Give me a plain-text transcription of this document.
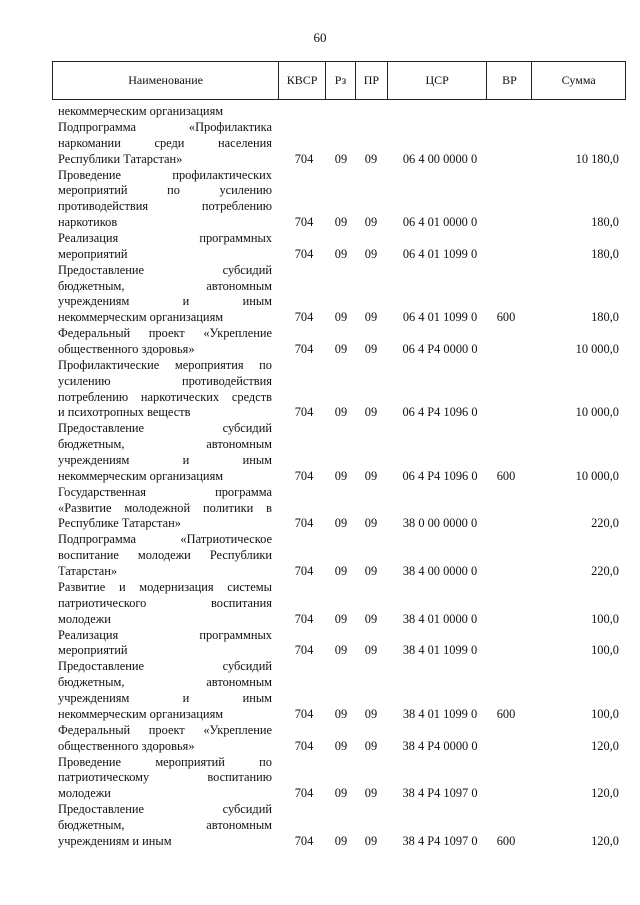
60
Наименование	КВСР	Рз	ПР	ЦСР	ВР	Сумма
некоммерческим организациям
Подпрограмма	«Профилактика
наркомании	среди	населения
Республики Татарстан»	704	09	09	06 4 00 0000 0	10 180,0
Проведение	профилактических
мероприятий	по	усилению
противодействия	потреблению
наркотиков	704	09	09	06 4 01 0000 0	180,0
Реализация	программных
мероприятий	704	09	09	06 4 01 1099 0	180,0
Предоставление	субсидий
бюджетным,	автономным
учреждениям	и	иным
некоммерческим организациям	704	09	09	06 4 01 1099 0	600	180,0
Федеральный проект «Укрепление
общественного здоровья»	704	09	09	06 4 P4 0000 0	10 000,0
Профилактические мероприятия по
усилению	противодействия
потреблению наркотических средств
и психотропных веществ	704	09	09	06 4 P4 1096 0	10 000,0
Предоставление	субсидий
бюджетным,	автономным
учреждениям	и	иным
некоммерческим организациям	704	09	09	06 4 P4 1096 0	600	10 000,0
Государственная	программа
«Развитие молодежной политики в
Республике Татарстан»	704	09	09	38 0 00 0000 0	220,0
Подпрограмма	«Патриотическое
воспитание молодежи Республики
Татарстан»	704	09	09	38 4 00 0000 0	220,0
Развитие и модернизация системы
патриотического	воспитания
молодежи	704	09	09	38 4 01 0000 0	100,0
Реализация	программных
мероприятий	704	09	09	38 4 01 1099 0	100,0
Предоставление	субсидий
бюджетным,	автономным
учреждениям	и	иным
некоммерческим организациям	704	09	09	38 4 01 1099 0	600	100,0
Федеральный проект «Укрепление
общественного здоровья»	704	09	09	38 4 P4 0000 0	120,0
Проведение	мероприятий	по
патриотическому	воспитанию
молодежи	704	09	09	38 4 P4 1097 0	120,0
Предоставление	субсидий
бюджетным,	автономным
учреждениям и иным	704	09	09	38 4 P4 1097 0	600	120,0
